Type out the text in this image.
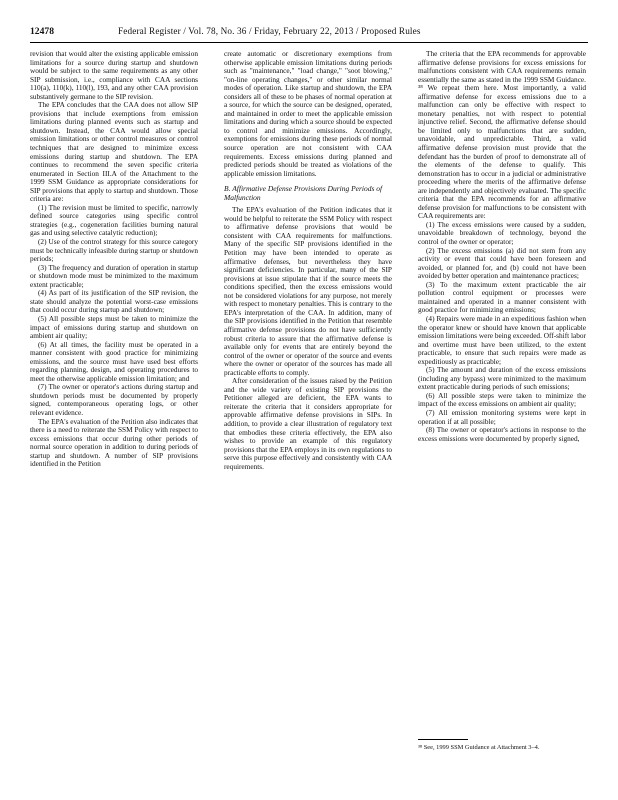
12478	Federal Register / Vol. 78, No. 36 / Friday, February 22, 2013 / Proposed Rules

revision that would alter the existing applicable emission limitations for a source during startup and shutdown would be subject to the same requirements as any other SIP submission, i.e., compliance with CAA sections 110(a), 110(k), 110(l), 193, and any other CAA provision substantively germane to the SIP revision.

The EPA concludes that the CAA does not allow SIP provisions that include exemptions from emission limitations during planned events such as startup and shutdown. Instead, the CAA would allow special emission limitations or other control measures or control techniques that are designed to minimize excess emissions during startup and shutdown. The EPA continues to recommend the seven specific criteria enumerated in Section III.A of the Attachment to the 1999 SSM Guidance as appropriate considerations for SIP provisions that apply to startup and shutdown. Those criteria are:

(1) The revision must be limited to specific, narrowly defined source categories using specific control strategies (e.g., cogeneration facilities burning natural gas and using selective catalytic reduction);

(2) Use of the control strategy for this source category must be technically infeasible during startup or shutdown periods;

(3) The frequency and duration of operation in startup or shutdown mode must be minimized to the maximum extent practicable;

(4) As part of its justification of the SIP revision, the state should analyze the potential worst-case emissions that could occur during startup and shutdown;

(5) All possible steps must be taken to minimize the impact of emissions during startup and shutdown on ambient air quality;

(6) At all times, the facility must be operated in a manner consistent with good practice for minimizing emissions, and the source must have used best efforts regarding planning, design, and operating procedures to meet the otherwise applicable emission limitation; and

(7) The owner or operator's actions during startup and shutdown periods must be documented by properly signed, contemporaneous operating logs, or other relevant evidence.

The EPA's evaluation of the Petition also indicates that there is a need to reiterate the SSM Policy with respect to excess emissions that occur during other periods of normal source operation in addition to during periods of startup and shutdown. A number of SIP provisions identified in the Petition

create automatic or discretionary exemptions from otherwise applicable emission limitations during periods such as "maintenance," "load change," "soot blowing," "on-line operating changes," or other similar normal modes of operation. Like startup and shutdown, the EPA considers all of these to be phases of normal operation at a source, for which the source can be designed, operated, and maintained in order to meet the applicable emission limitations and during which a source should be expected to control and minimize emissions. Accordingly, exemptions for emissions during these periods of normal source operation are not consistent with CAA requirements. Excess emissions during planned and predicted periods should be treated as violations of the applicable emission limitations.

B. Affirmative Defense Provisions During Periods of Malfunction

The EPA's evaluation of the Petition indicates that it would be helpful to reiterate the SSM Policy with respect to affirmative defense provisions that would be consistent with CAA requirements for malfunctions. Many of the specific SIP provisions identified in the Petition may have been intended to operate as affirmative defenses, but nevertheless they have significant deficiencies. In particular, many of the SIP provisions at issue stipulate that if the source meets the conditions specified, then the excess emissions would not be considered violations for any purpose, not merely with respect to monetary penalties. This is contrary to the EPA's interpretation of the CAA. In addition, many of the SIP provisions identified in the Petition that resemble affirmative defense provisions do not have sufficiently robust criteria to assure that the affirmative defense is available only for events that are entirely beyond the control of the owner or operator of the source and events where the owner or operator of the sources has made all practicable efforts to comply.

After consideration of the issues raised by the Petition and the wide variety of existing SIP provisions the Petitioner alleged are deficient, the EPA wants to reiterate the criteria that it considers appropriate for approvable affirmative defense provisions in SIPs. In addition, to provide a clear illustration of regulatory text that embodies these criteria effectively, the EPA also wishes to provide an example of this regulatory provisions that the EPA employs in its own regulations to serve this purpose effectively and consistently with CAA requirements.

The criteria that the EPA recommends for approvable affirmative defense provisions for excess emissions for malfunctions consistent with CAA requirements remain essentially the same as stated in the 1999 SSM Guidance. ³⁸ We repeat them here. Most importantly, a valid affirmative defense for excess emissions due to a malfunction can only be effective with respect to monetary penalties, not with respect to potential injunctive relief. Second, the affirmative defense should be limited only to malfunctions that are sudden, unavoidable, and unpredictable. Third, a valid affirmative defense provision must provide that the defendant has the burden of proof to demonstrate all of the elements of the defense to qualify. This demonstration has to occur in a judicial or administrative proceeding where the merits of the affirmative defense are independently and objectively evaluated. The specific criteria that the EPA recommends for an affirmative defense provision for malfunctions to be consistent with CAA requirements are:

(1) The excess emissions were caused by a sudden, unavoidable breakdown of technology, beyond the control of the owner or operator;

(2) The excess emissions (a) did not stem from any activity or event that could have been foreseen and avoided, or planned for, and (b) could not have been avoided by better operation and maintenance practices;

(3) To the maximum extent practicable the air pollution control equipment or processes were maintained and operated in a manner consistent with good practice for minimizing emissions;

(4) Repairs were made in an expeditious fashion when the operator knew or should have known that applicable emission limitations were being exceeded. Off-shift labor and overtime must have been utilized, to the extent practicable, to ensure that such repairs were made as expeditiously as practicable;

(5) The amount and duration of the excess emissions (including any bypass) were minimized to the maximum extent practicable during periods of such emissions;

(6) All possible steps were taken to minimize the impact of the excess emissions on ambient air quality;

(7) All emission monitoring systems were kept in operation if at all possible;

(8) The owner or operator's actions in response to the excess emissions were documented by properly signed,

³⁸ See, 1999 SSM Guidance at Attachment 3–4.
